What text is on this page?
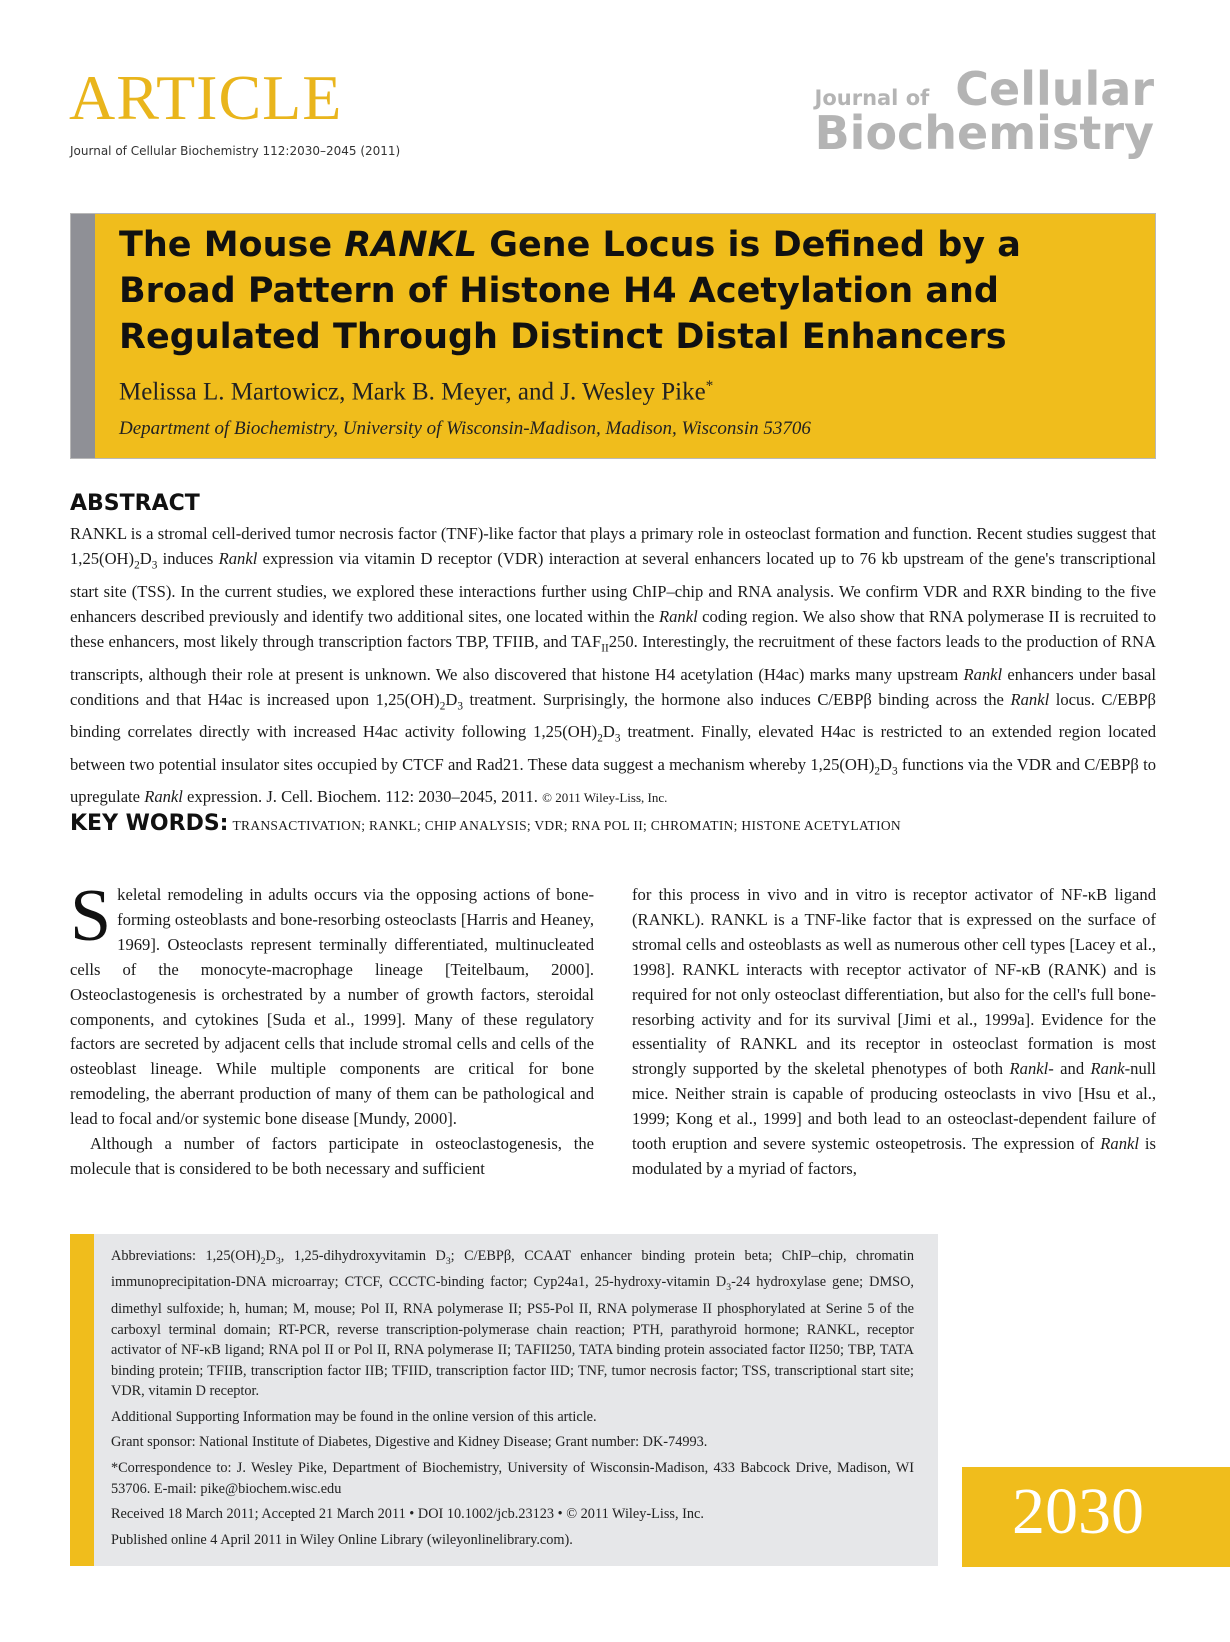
ARTICLE
Journal of Cellular Biochemistry 112:2030–2045 (2011)
Journal of Cellular
Biochemistry
The Mouse RANKL Gene Locus is Defined by a Broad Pattern of Histone H4 Acetylation and Regulated Through Distinct Distal Enhancers
Melissa L. Martowicz, Mark B. Meyer, and J. Wesley Pike*
Department of Biochemistry, University of Wisconsin-Madison, Madison, Wisconsin 53706
ABSTRACT
RANKL is a stromal cell-derived tumor necrosis factor (TNF)-like factor that plays a primary role in osteoclast formation and function. Recent studies suggest that $1,25(OH)_2D_3$ induces Rankl expression via vitamin D receptor (VDR) interaction at several enhancers located up to 76 kb upstream of the gene's transcriptional start site (TSS). In the current studies, we explored these interactions further using ChIP–chip and RNA analysis. We confirm VDR and RXR binding to the five enhancers described previously and identify two additional sites, one located within the Rankl coding region. We also show that RNA polymerase II is recruited to these enhancers, most likely through transcription factors TBP, TFIIB, and $TAF_{II}250$. Interestingly, the recruitment of these factors leads to the production of RNA transcripts, although their role at present is unknown. We also discovered that histone H4 acetylation (H4ac) marks many upstream Rankl enhancers under basal conditions and that H4ac is increased upon $1,25(OH)_2D_3$ treatment. Surprisingly, the hormone also induces C/EBPβ binding across the Rankl locus. C/EBPβ binding correlates directly with increased H4ac activity following $1,25(OH)_2D_3$ treatment. Finally, elevated H4ac is restricted to an extended region located between two potential insulator sites occupied by CTCF and Rad21. These data suggest a mechanism whereby $1,25(OH)_2D_3$ functions via the VDR and C/EBPβ to upregulate Rankl expression. J. Cell. Biochem. 112: 2030–2045, 2011. © 2011 Wiley-Liss, Inc.
KEY WORDS: TRANSACTIVATION; RANKL; CHIP ANALYSIS; VDR; RNA POL II; CHROMATIN; HISTONE ACETYLATION

Skeletal remodeling in adults occurs via the opposing actions of bone-forming osteoblasts and bone-resorbing osteoclasts [Harris and Heaney, 1969]. Osteoclasts represent terminally differentiated, multinucleated cells of the monocyte-macrophage lineage [Teitelbaum, 2000]. Osteoclastogenesis is orchestrated by a number of growth factors, steroidal components, and cytokines [Suda et al., 1999]. Many of these regulatory factors are secreted by adjacent cells that include stromal cells and cells of the osteoblast lineage. While multiple components are critical for bone remodeling, the aberrant production of many of them can be pathological and lead to focal and/or systemic bone disease [Mundy, 2000].

Although a number of factors participate in osteoclastogenesis, the molecule that is considered to be both necessary and sufficient

for this process in vivo and in vitro is receptor activator of NF-κB ligand (RANKL). RANKL is a TNF-like factor that is expressed on the surface of stromal cells and osteoblasts as well as numerous other cell types [Lacey et al., 1998]. RANKL interacts with receptor activator of NF-κB (RANK) and is required for not only osteoclast differentiation, but also for the cell's full bone-resorbing activity and for its survival [Jimi et al., 1999a]. Evidence for the essentiality of RANKL and its receptor in osteoclast formation is most strongly supported by the skeletal phenotypes of both Rankl- and Rank-null mice. Neither strain is capable of producing osteoclasts in vivo [Hsu et al., 1999; Kong et al., 1999] and both lead to an osteoclast-dependent failure of tooth eruption and severe systemic osteopetrosis. The expression of Rankl is modulated by a myriad of factors,

Abbreviations: $1,25(OH)_2D_3$, 1,25-dihydroxyvitamin $D_3$; C/EBPβ, CCAAT enhancer binding protein beta; ChIP–chip, chromatin immunoprecipitation-DNA microarray; CTCF, CCCTC-binding factor; Cyp24a1, 25-hydroxy-vitamin $D_3-24$ hydroxylase gene; DMSO, dimethyl sulfoxide; h, human; M, mouse; Pol II, RNA polymerase II; PS5-Pol II, RNA polymerase II phosphorylated at Serine 5 of the carboxyl terminal domain; RT-PCR, reverse transcription-polymerase chain reaction; PTH, parathyroid hormone; RANKL, receptor activator of NF-κB ligand; RNA pol II or Pol II, RNA polymerase II; TAFII250, TATA binding protein associated factor II250; TBP, TATA binding protein; TFIIB, transcription factor IIB; TFIID, transcription factor IID; TNF, tumor necrosis factor; TSS, transcriptional start site; VDR, vitamin D receptor.

Additional Supporting Information may be found in the online version of this article.

Grant sponsor: National Institute of Diabetes, Digestive and Kidney Disease; Grant number: DK-74993.

*Correspondence to: J. Wesley Pike, Department of Biochemistry, University of Wisconsin-Madison, 433 Babcock Drive, Madison, WI 53706. E-mail: pike@biochem.wisc.edu

Received 18 March 2011; Accepted 21 March 2011 • DOI 10.1002/jcb.23123 • © 2011 Wiley-Liss, Inc.

Published online 4 April 2011 in Wiley Online Library (wileyonlinelibrary.com).	2030
